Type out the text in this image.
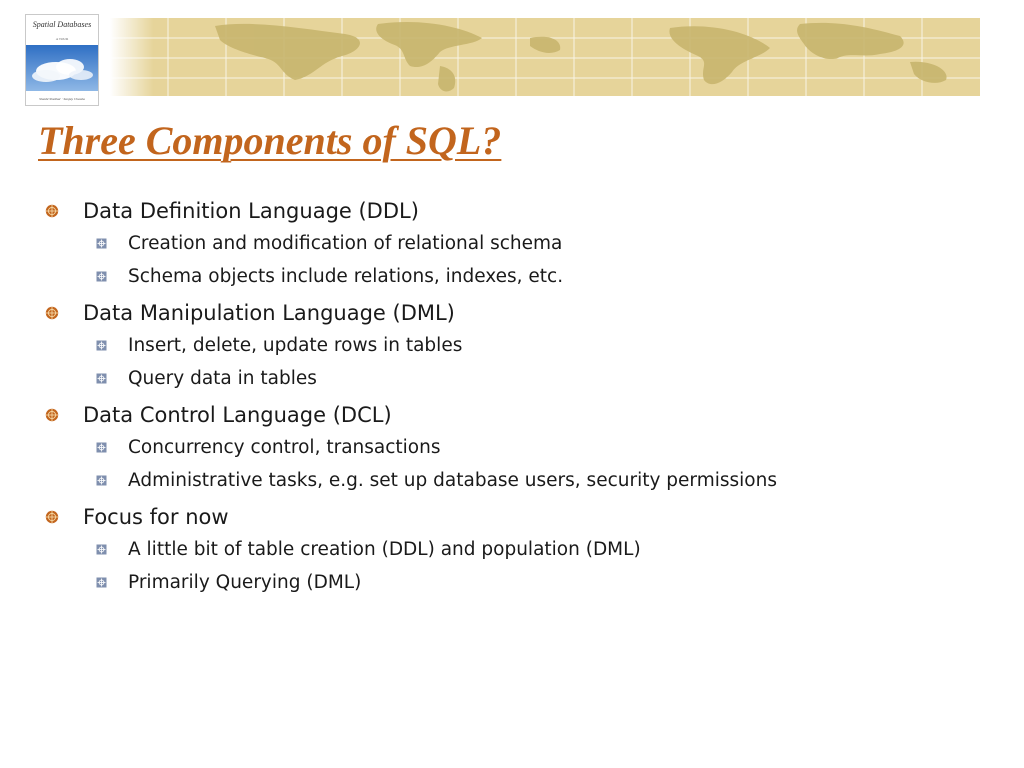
Spatial Databases
A TOUR
Shashi Shekhar · Sanjay Chawla
Three Components of SQL?
Data Definition Language (DDL)
Creation and modification of relational schema
Schema objects include relations, indexes, etc.
Data Manipulation Language (DML)
Insert, delete, update rows in tables
Query data in tables
Data Control Language (DCL)
Concurrency control, transactions
Administrative tasks, e.g. set up database users, security permissions
Focus for now
A little bit of table creation (DDL) and population (DML)
Primarily Querying (DML)
